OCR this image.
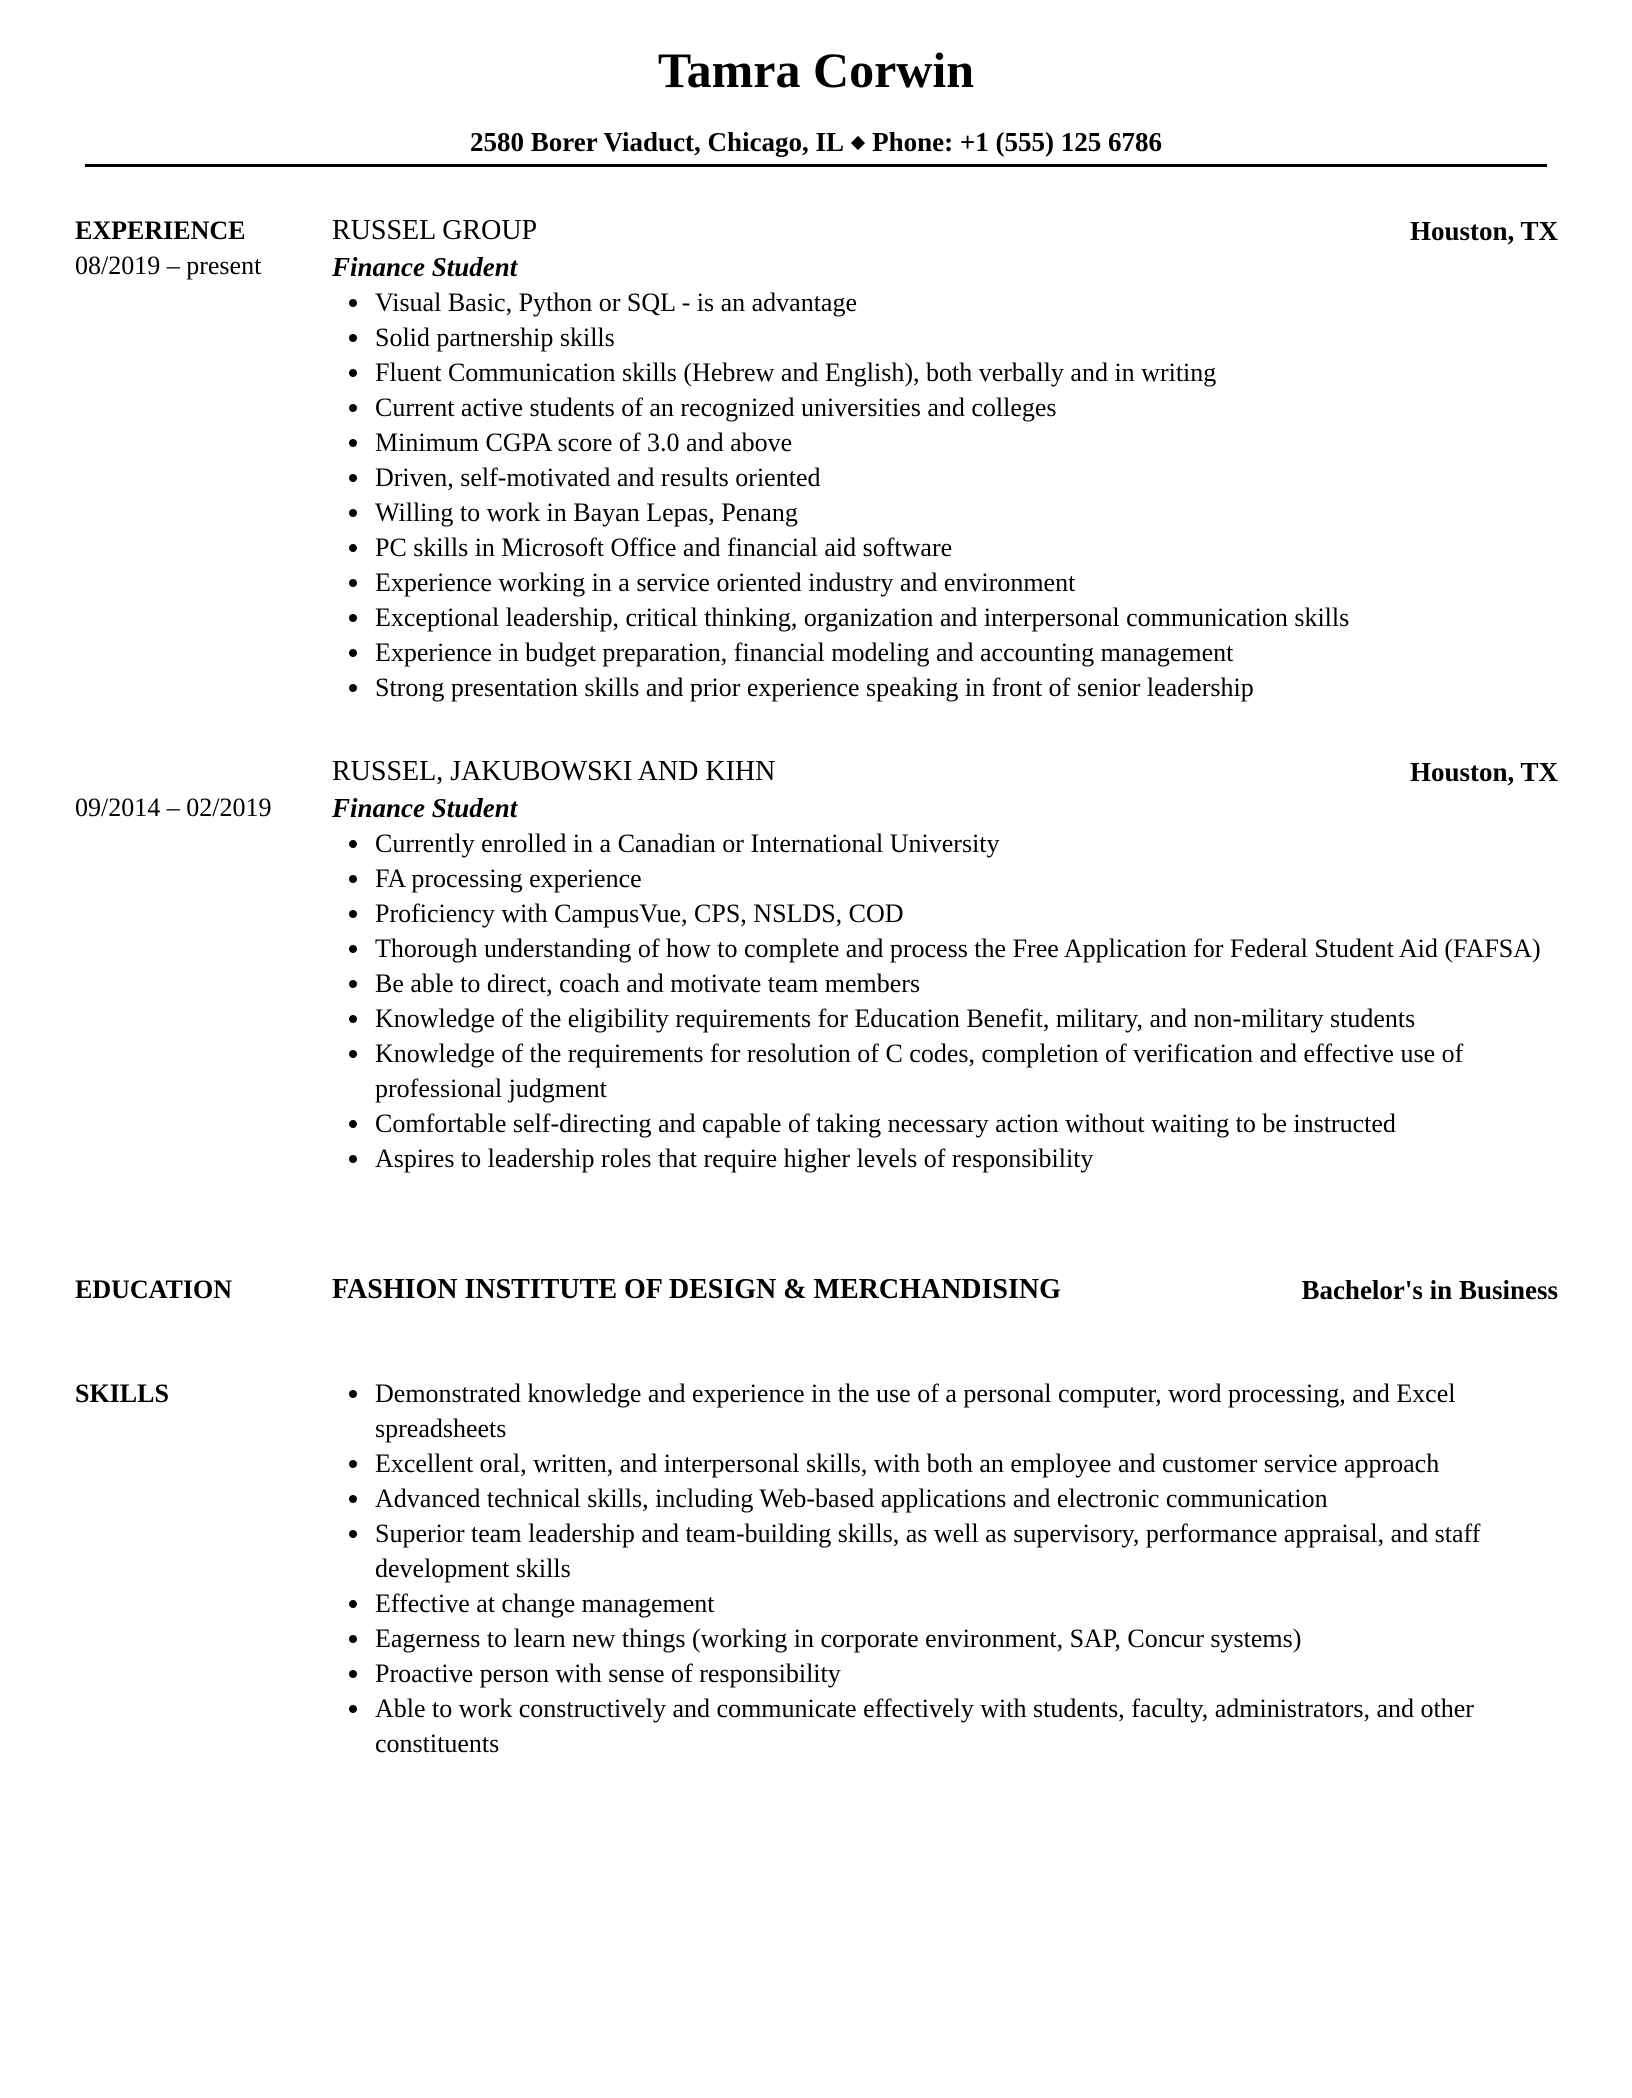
Tamra Corwin
2580 Borer Viaduct, Chicago, IL Phone: +1 (555) 125 6786
EXPERIENCE
08/2019 – present
RUSSEL GROUP	Houston, TX
Finance Student
Visual Basic, Python or SQL - is an advantage
Solid partnership skills
Fluent Communication skills (Hebrew and English), both verbally and in writing
Current active students of an recognized universities and colleges
Minimum CGPA score of 3.0 and above
Driven, self-motivated and results oriented
Willing to work in Bayan Lepas, Penang
PC skills in Microsoft Office and financial aid software
Experience working in a service oriented industry and environment
Exceptional leadership, critical thinking, organization and interpersonal communication skills
Experience in budget preparation, financial modeling and accounting management
Strong presentation skills and prior experience speaking in front of senior leadership
09/2014 – 02/2019
RUSSEL, JAKUBOWSKI AND KIHN	Houston, TX
Finance Student
Currently enrolled in a Canadian or International University
FA processing experience
Proficiency with CampusVue, CPS, NSLDS, COD
Thorough understanding of how to complete and process the Free Application for Federal Student Aid (FAFSA)
Be able to direct, coach and motivate team members
Knowledge of the eligibility requirements for Education Benefit, military, and non-military students
Knowledge of the requirements for resolution of C codes, completion of verification and effective use of professional judgment
Comfortable self-directing and capable of taking necessary action without waiting to be instructed
Aspires to leadership roles that require higher levels of responsibility
EDUCATION	FASHION INSTITUTE OF DESIGN & MERCHANDISING	Bachelor's in Business
SKILLS	Demonstrated knowledge and experience in the use of a personal computer, word processing, and Excel spreadsheets
Excellent oral, written, and interpersonal skills, with both an employee and customer service approach
Advanced technical skills, including Web-based applications and electronic communication
Superior team leadership and team-building skills, as well as supervisory, performance appraisal, and staff development skills
Effective at change management
Eagerness to learn new things (working in corporate environment, SAP, Concur systems)
Proactive person with sense of responsibility
Able to work constructively and communicate effectively with students, faculty, administrators, and other constituents
